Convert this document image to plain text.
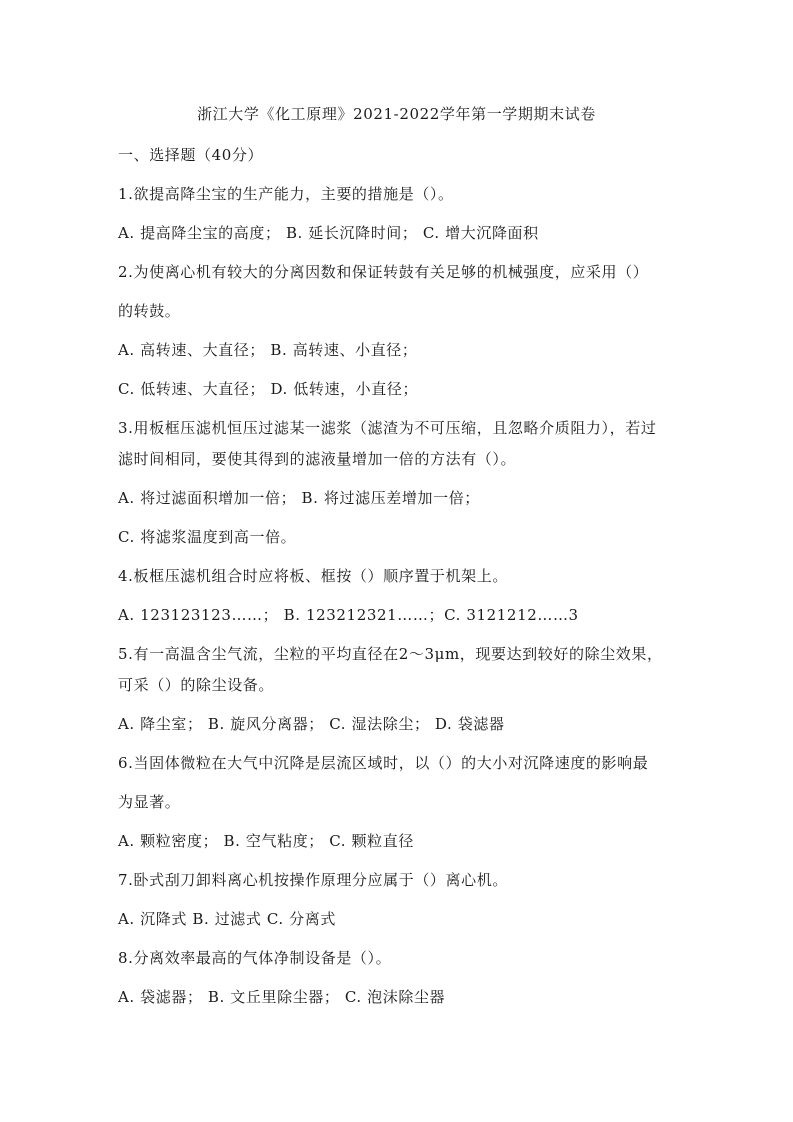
浙江大学《化工原理》2021-2022学年第一学期期末试卷
一、选择题（40分）
1.欲提高降尘宝的生产能力，主要的措施是（）。
A. 提高降尘宝的高度； B. 延长沉降时间； C. 增大沉降面积
2.为使离心机有较大的分离因数和保证转鼓有关足够的机械强度，应采用（）
的转鼓。
A. 高转速、大直径； B. 高转速、小直径；
C. 低转速、大直径； D. 低转速，小直径；
3.用板框压滤机恒压过滤某一滤浆（滤渣为不可压缩，且忽略介质阻力），若过
滤时间相同，要使其得到的滤液量增加一倍的方法有（）。
A. 将过滤面积增加一倍； B. 将过滤压差增加一倍；
C. 将滤浆温度到高一倍。
4.板框压滤机组合时应将板、框按（）顺序置于机架上。
A. 123123123……； B. 123212321……；C. 3121212……3
5.有一高温含尘气流，尘粒的平均直径在2～3μm，现要达到较好的除尘效果，
可采（）的除尘设备。
A. 降尘室； B. 旋风分离器； C. 湿法除尘； D. 袋滤器
6.当固体微粒在大气中沉降是层流区域时，以（）的大小对沉降速度的影响最
为显著。
A. 颗粒密度； B. 空气粘度； C. 颗粒直径
7.卧式刮刀卸料离心机按操作原理分应属于（）离心机。
A. 沉降式 B. 过滤式 C. 分离式
8.分离效率最高的气体净制设备是（）。
A. 袋滤器； B. 文丘里除尘器； C. 泡沫除尘器
